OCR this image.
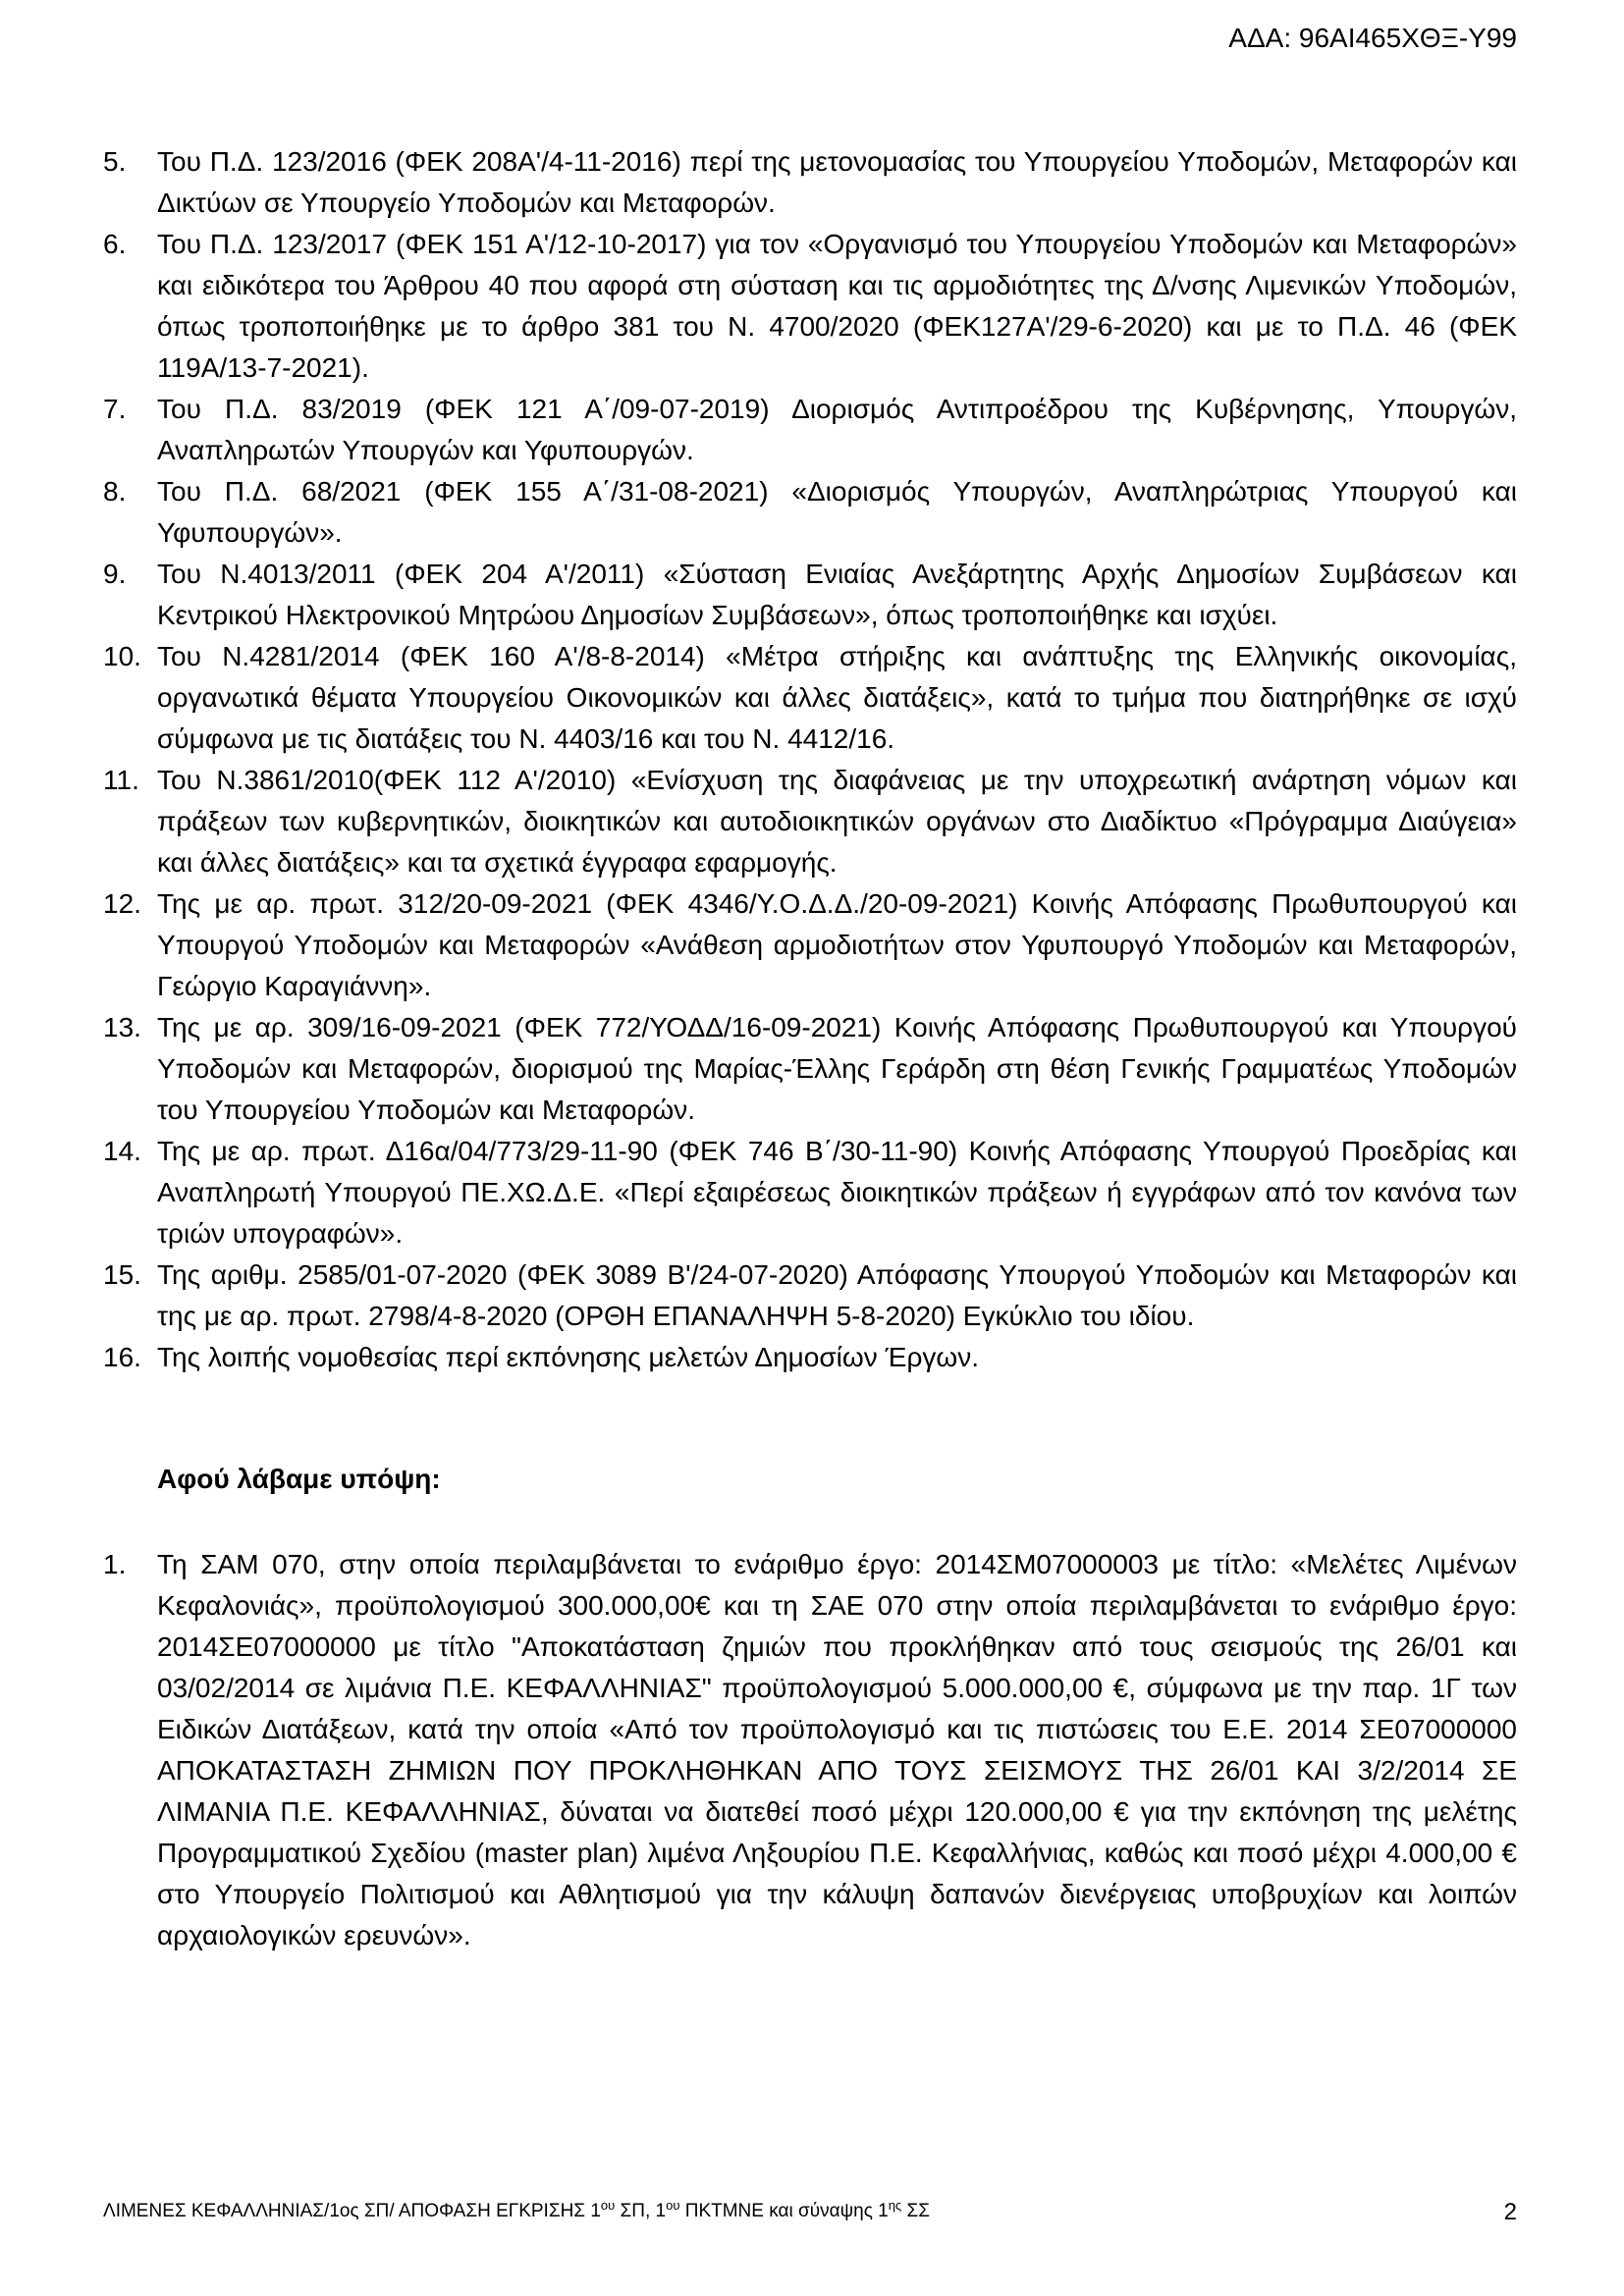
ΑΔΑ: 96ΑΙ465ΧΘΞ-Υ99
5.	Του Π.Δ. 123/2016 (ΦΕΚ 208Α'/4-11-2016) περί της μετονομασίας του Υπουργείου Υποδομών, Μεταφορών και Δικτύων σε Υπουργείο Υποδομών και Μεταφορών.
6.	Του Π.Δ. 123/2017 (ΦΕΚ 151 Α'/12-10-2017) για τον «Οργανισμό του Υπουργείου Υποδομών και Μεταφορών» και ειδικότερα του Άρθρου 40 που αφορά στη σύσταση και τις αρμοδιότητες της Δ/νσης Λιμενικών Υποδομών, όπως τροποποιήθηκε με το άρθρο 381 του Ν. 4700/2020 (ΦΕΚ127Α'/29-6-2020) και με το Π.Δ. 46 (ΦΕΚ 119Α/13-7-2021).
7.	Του Π.Δ. 83/2019 (ΦΕΚ 121 Α΄/09-07-2019) Διορισμός Αντιπροέδρου της Κυβέρνησης, Υπουργών, Αναπληρωτών Υπουργών και Υφυπουργών.
8.	Του Π.Δ. 68/2021 (ΦΕΚ 155 Α΄/31-08-2021) «Διορισμός Υπουργών, Αναπληρώτριας Υπουργού και Υφυπουργών».
9.	Του Ν.4013/2011 (ΦΕΚ 204 Α'/2011) «Σύσταση Ενιαίας Ανεξάρτητης Αρχής Δημοσίων Συμβάσεων και Κεντρικού Ηλεκτρονικού Μητρώου Δημοσίων Συμβάσεων», όπως τροποποιήθηκε και ισχύει.
10. Του Ν.4281/2014 (ΦΕΚ 160 Α'/8-8-2014) «Μέτρα στήριξης και ανάπτυξης της Ελληνικής οικονομίας, οργανωτικά θέματα Υπουργείου Οικονομικών και άλλες διατάξεις», κατά το τμήμα που διατηρήθηκε σε ισχύ σύμφωνα με τις διατάξεις του Ν. 4403/16 και του Ν. 4412/16.
11. Του Ν.3861/2010(ΦΕΚ 112 Α'/2010) «Ενίσχυση της διαφάνειας με την υποχρεωτική ανάρτηση νόμων και πράξεων των κυβερνητικών, διοικητικών και αυτοδιοικητικών οργάνων στο Διαδίκτυο «Πρόγραμμα Διαύγεια» και άλλες διατάξεις» και τα σχετικά έγγραφα εφαρμογής.
12. Της με αρ. πρωτ. 312/20-09-2021 (ΦΕΚ 4346/Υ.Ο.Δ.Δ./20-09-2021) Κοινής Απόφασης Πρωθυπουργού και Υπουργού Υποδομών και Μεταφορών «Ανάθεση αρμοδιοτήτων στον Υφυπουργό Υποδομών και Μεταφορών, Γεώργιο Καραγιάννη».
13. Της με αρ. 309/16-09-2021 (ΦΕΚ 772/ΥΟΔΔ/16-09-2021) Κοινής Απόφασης Πρωθυπουργού και Υπουργού Υποδομών και Μεταφορών, διορισμού της Μαρίας-Έλλης Γεράρδη στη θέση Γενικής Γραμματέως Υποδομών του Υπουργείου Υποδομών και Μεταφορών.
14. Της με αρ. πρωτ. Δ16α/04/773/29-11-90 (ΦΕΚ 746 Β΄/30-11-90) Κοινής Απόφασης Υπουργού Προεδρίας και Αναπληρωτή Υπουργού ΠΕ.ΧΩ.Δ.Ε. «Περί εξαιρέσεως διοικητικών πράξεων ή εγγράφων από τον κανόνα των τριών υπογραφών».
15. Της αριθμ. 2585/01-07-2020 (ΦΕΚ 3089 Β'/24-07-2020) Απόφασης Υπουργού Υποδομών και Μεταφορών και της με αρ. πρωτ. 2798/4-8-2020 (ΟΡΘΗ ΕΠΑΝΑΛΗΨΗ 5-8-2020) Εγκύκλιο του ιδίου.
16. Της λοιπής νομοθεσίας περί εκπόνησης μελετών Δημοσίων Έργων.
Αφού λάβαμε υπόψη:
1.	Τη ΣΑΜ 070, στην οποία περιλαμβάνεται το ενάριθμο έργο: 2014ΣΜ07000003 με τίτλο: «Μελέτες Λιμένων Κεφαλονιάς», προϋπολογισμού 300.000,00€ και τη ΣΑΕ 070 στην οποία περιλαμβάνεται το ενάριθμο έργο: 2014ΣΕ07000000 με τίτλο "Αποκατάσταση ζημιών που προκλήθηκαν από τους σεισμούς της 26/01 και 03/02/2014 σε λιμάνια Π.Ε. ΚΕΦΑΛΛΗΝΙΑΣ" προϋπολογισμού 5.000.000,00 €, σύμφωνα με την παρ. 1Γ των Ειδικών Διατάξεων, κατά την οποία «Από τον προϋπολογισμό και τις πιστώσεις του Ε.Ε. 2014 ΣΕ07000000 ΑΠΟΚΑΤΑΣΤΑΣΗ ΖΗΜΙΩΝ ΠΟΥ ΠΡΟΚΛΗΘΗΚΑΝ ΑΠΟ ΤΟΥΣ ΣΕΙΣΜΟΥΣ ΤΗΣ 26/01 ΚΑΙ 3/2/2014 ΣΕ ΛΙΜΑΝΙΑ Π.Ε. ΚΕΦΑΛΛΗΝΙΑΣ, δύναται να διατεθεί ποσό μέχρι 120.000,00 € για την εκπόνηση της μελέτης Προγραμματικού Σχεδίου (master plan) λιμένα Ληξουρίου Π.Ε. Κεφαλλήνιας, καθώς και ποσό μέχρι 4.000,00 € στο Υπουργείο Πολιτισμού και Αθλητισμού για την κάλυψη δαπανών διενέργειας υποβρυχίων και λοιπών αρχαιολογικών ερευνών».
ΛΙΜΕΝΕΣ ΚΕΦΑΛΛΗΝΙΑΣ/1ος ΣΠ/ ΑΠΟΦΑΣΗ ΕΓΚΡΙΣΗΣ $1^{o\upsilon}$ ΣΠ, $1^{o\upsilon}$ ΠΚΤΜΝΕ και σύναψης $1^{\eta\varsigma}$ ΣΣ	2
